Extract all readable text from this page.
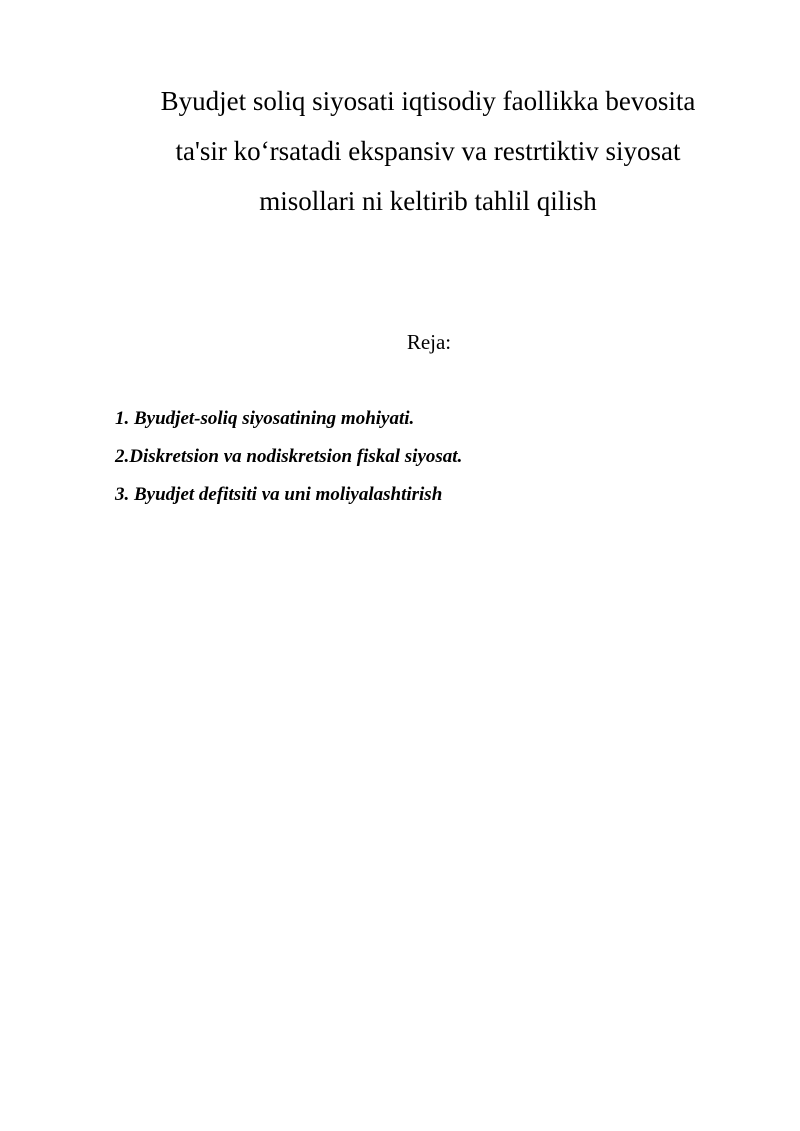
Byudjet soliq siyosati iqtisodiy faollikka bevosita
ta'sir ko‘rsatadi ekspansiv va restrtiktiv siyosat
misollari ni keltirib tahlil qilish
Reja:
1. Byudjet-soliq siyosatining mohiyati.
2.Diskretsion va nodiskretsion fiskal siyosat.
3. Byudjet defitsiti va uni moliyalashtirish
